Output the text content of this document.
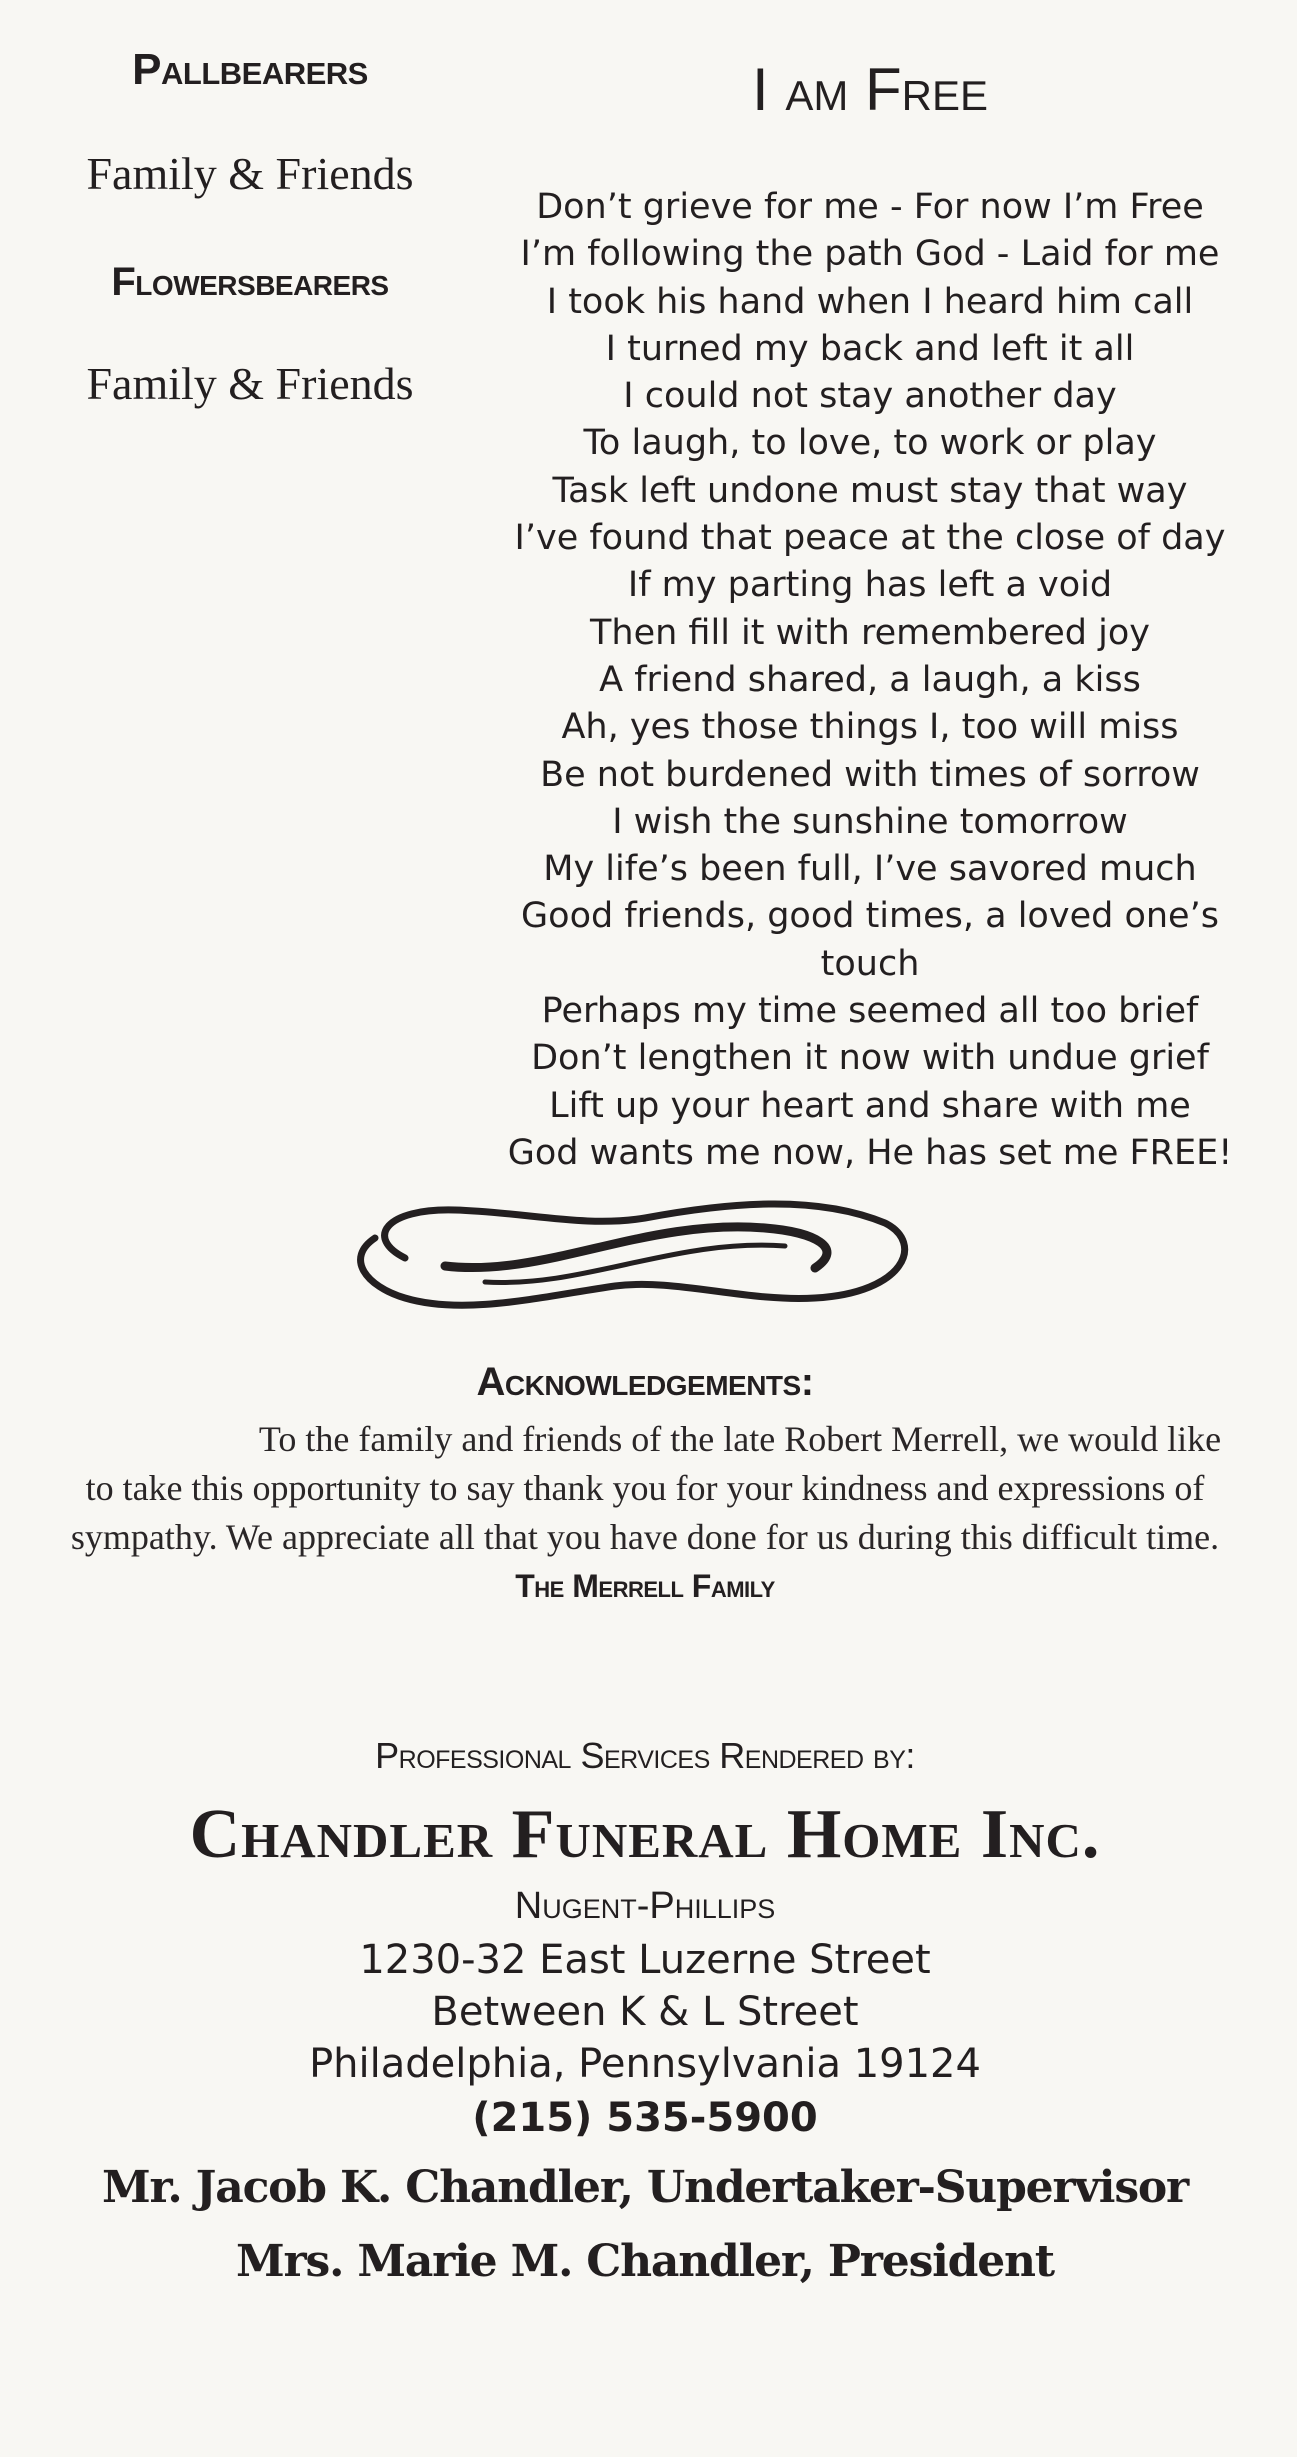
Pallbearers

Family & Friends

Flowersbearers

Family & Friends

I am Free
Don’t grieve for me - For now I’m Free
I’m following the path God - Laid for me
I took his hand when I heard him call
I turned my back and left it all
I could not stay another day
To laugh, to love, to work or play
Task left undone must stay that way
I’ve found that peace at the close of day
If my parting has left a void
Then fill it with remembered joy
A friend shared, a laugh, a kiss
Ah, yes those things I, too will miss
Be not burdened with times of sorrow
I wish the sunshine tomorrow
My life’s been full, I’ve savored much
Good friends, good times, a loved one’s
touch
Perhaps my time seemed all too brief
Don’t lengthen it now with undue grief
Lift up your heart and share with me
God wants me now, He has set me FREE!
Acknowledgements:
To the family and friends of the late Robert Merrell, we would like to take this opportunity to say thank you for your kindness and expressions of sympathy. We appreciate all that you have done for us during this difficult time.
The Merrell Family
Professional Services Rendered by:
Chandler Funeral Home Inc.
Nugent-Phillips
1230-32 East Luzerne Street
Between K & L Street
Philadelphia, Pennsylvania 19124
(215) 535-5900
Mr. Jacob K. Chandler, Undertaker-Supervisor
Mrs. Marie M. Chandler, President
